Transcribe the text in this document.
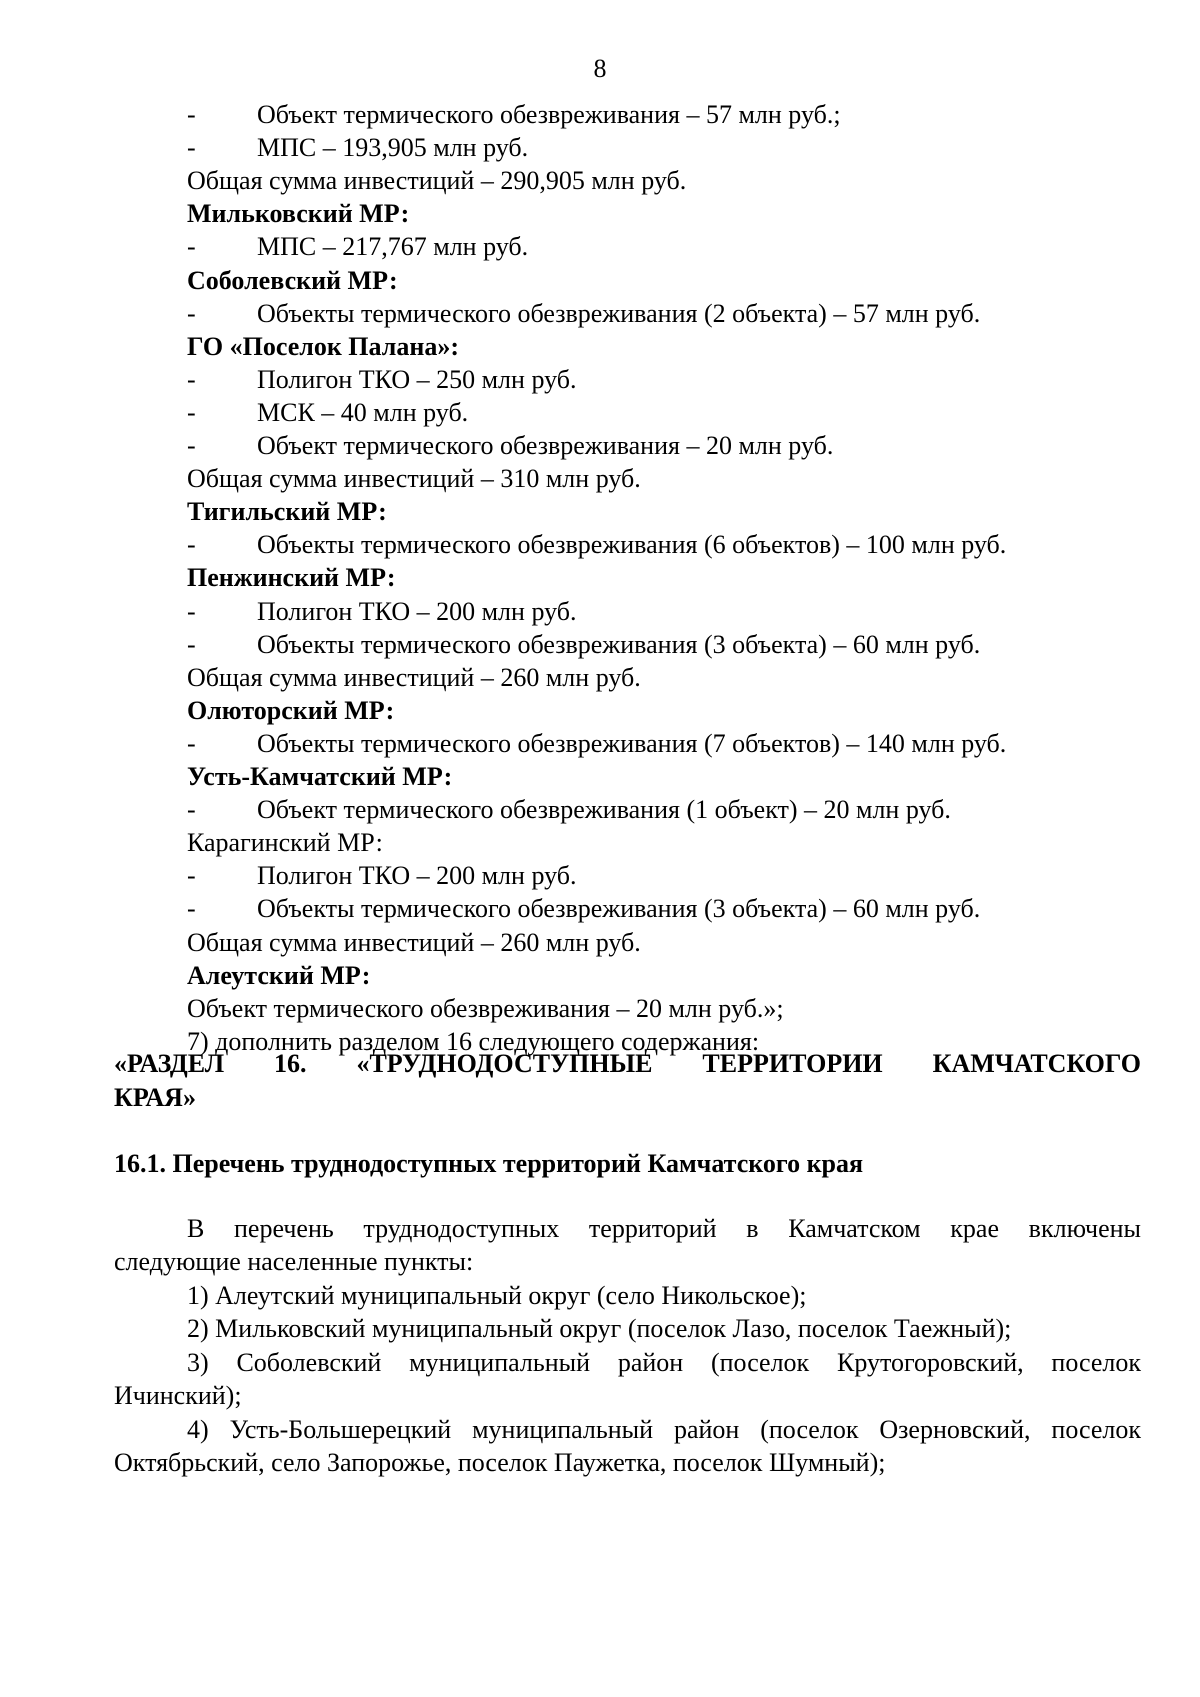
8
- Объект термического обезвреживания – 57 млн руб.;
- МПС – 193,905 млн руб.
Общая сумма инвестиций – 290,905 млн руб.
Мильковский МР:
- МПС – 217,767 млн руб.
Соболевский МР:
- Объекты термического обезвреживания (2 объекта) – 57 млн руб.
ГО «Поселок Палана»:
- Полигон ТКО – 250 млн руб.
- МСК – 40 млн руб.
- Объект термического обезвреживания – 20 млн руб.
Общая сумма инвестиций – 310 млн руб.
Тигильский МР:
- Объекты термического обезвреживания (6 объектов) – 100 млн руб.
Пенжинский МР:
- Полигон ТКО – 200 млн руб.
- Объекты термического обезвреживания (3 объекта) – 60 млн руб.
Общая сумма инвестиций – 260 млн руб.
Олюторский МР:
- Объекты термического обезвреживания (7 объектов) – 140 млн руб.
Усть-Камчатский МР:
- Объект термического обезвреживания (1 объект) – 20 млн руб.
Карагинский МР:
- Полигон ТКО – 200 млн руб.
- Объекты термического обезвреживания (3 объекта) – 60 млн руб.
Общая сумма инвестиций – 260 млн руб.
Алеутский МР:
Объект термического обезвреживания – 20 млн руб.»;
7) дополнить разделом 16 следующего содержания:
«РАЗДЕЛ 16. «ТРУДНОДОСТУПНЫЕ ТЕРРИТОРИИ КАМЧАТСКОГО
КРАЯ»
16.1. Перечень труднодоступных территорий Камчатского края
В перечень труднодоступных территорий в Камчатском крае включены
следующие населенные пункты:
1) Алеутский муниципальный округ (село Никольское);
2) Мильковский муниципальный округ (поселок Лазо, поселок Таежный);
3) Соболевский муниципальный район (поселок Крутогоровский, поселок
Ичинский);
4) Усть-Большерецкий муниципальный район (поселок Озерновский, поселок
Октябрьский, село Запорожье, поселок Паужетка, поселок Шумный);
